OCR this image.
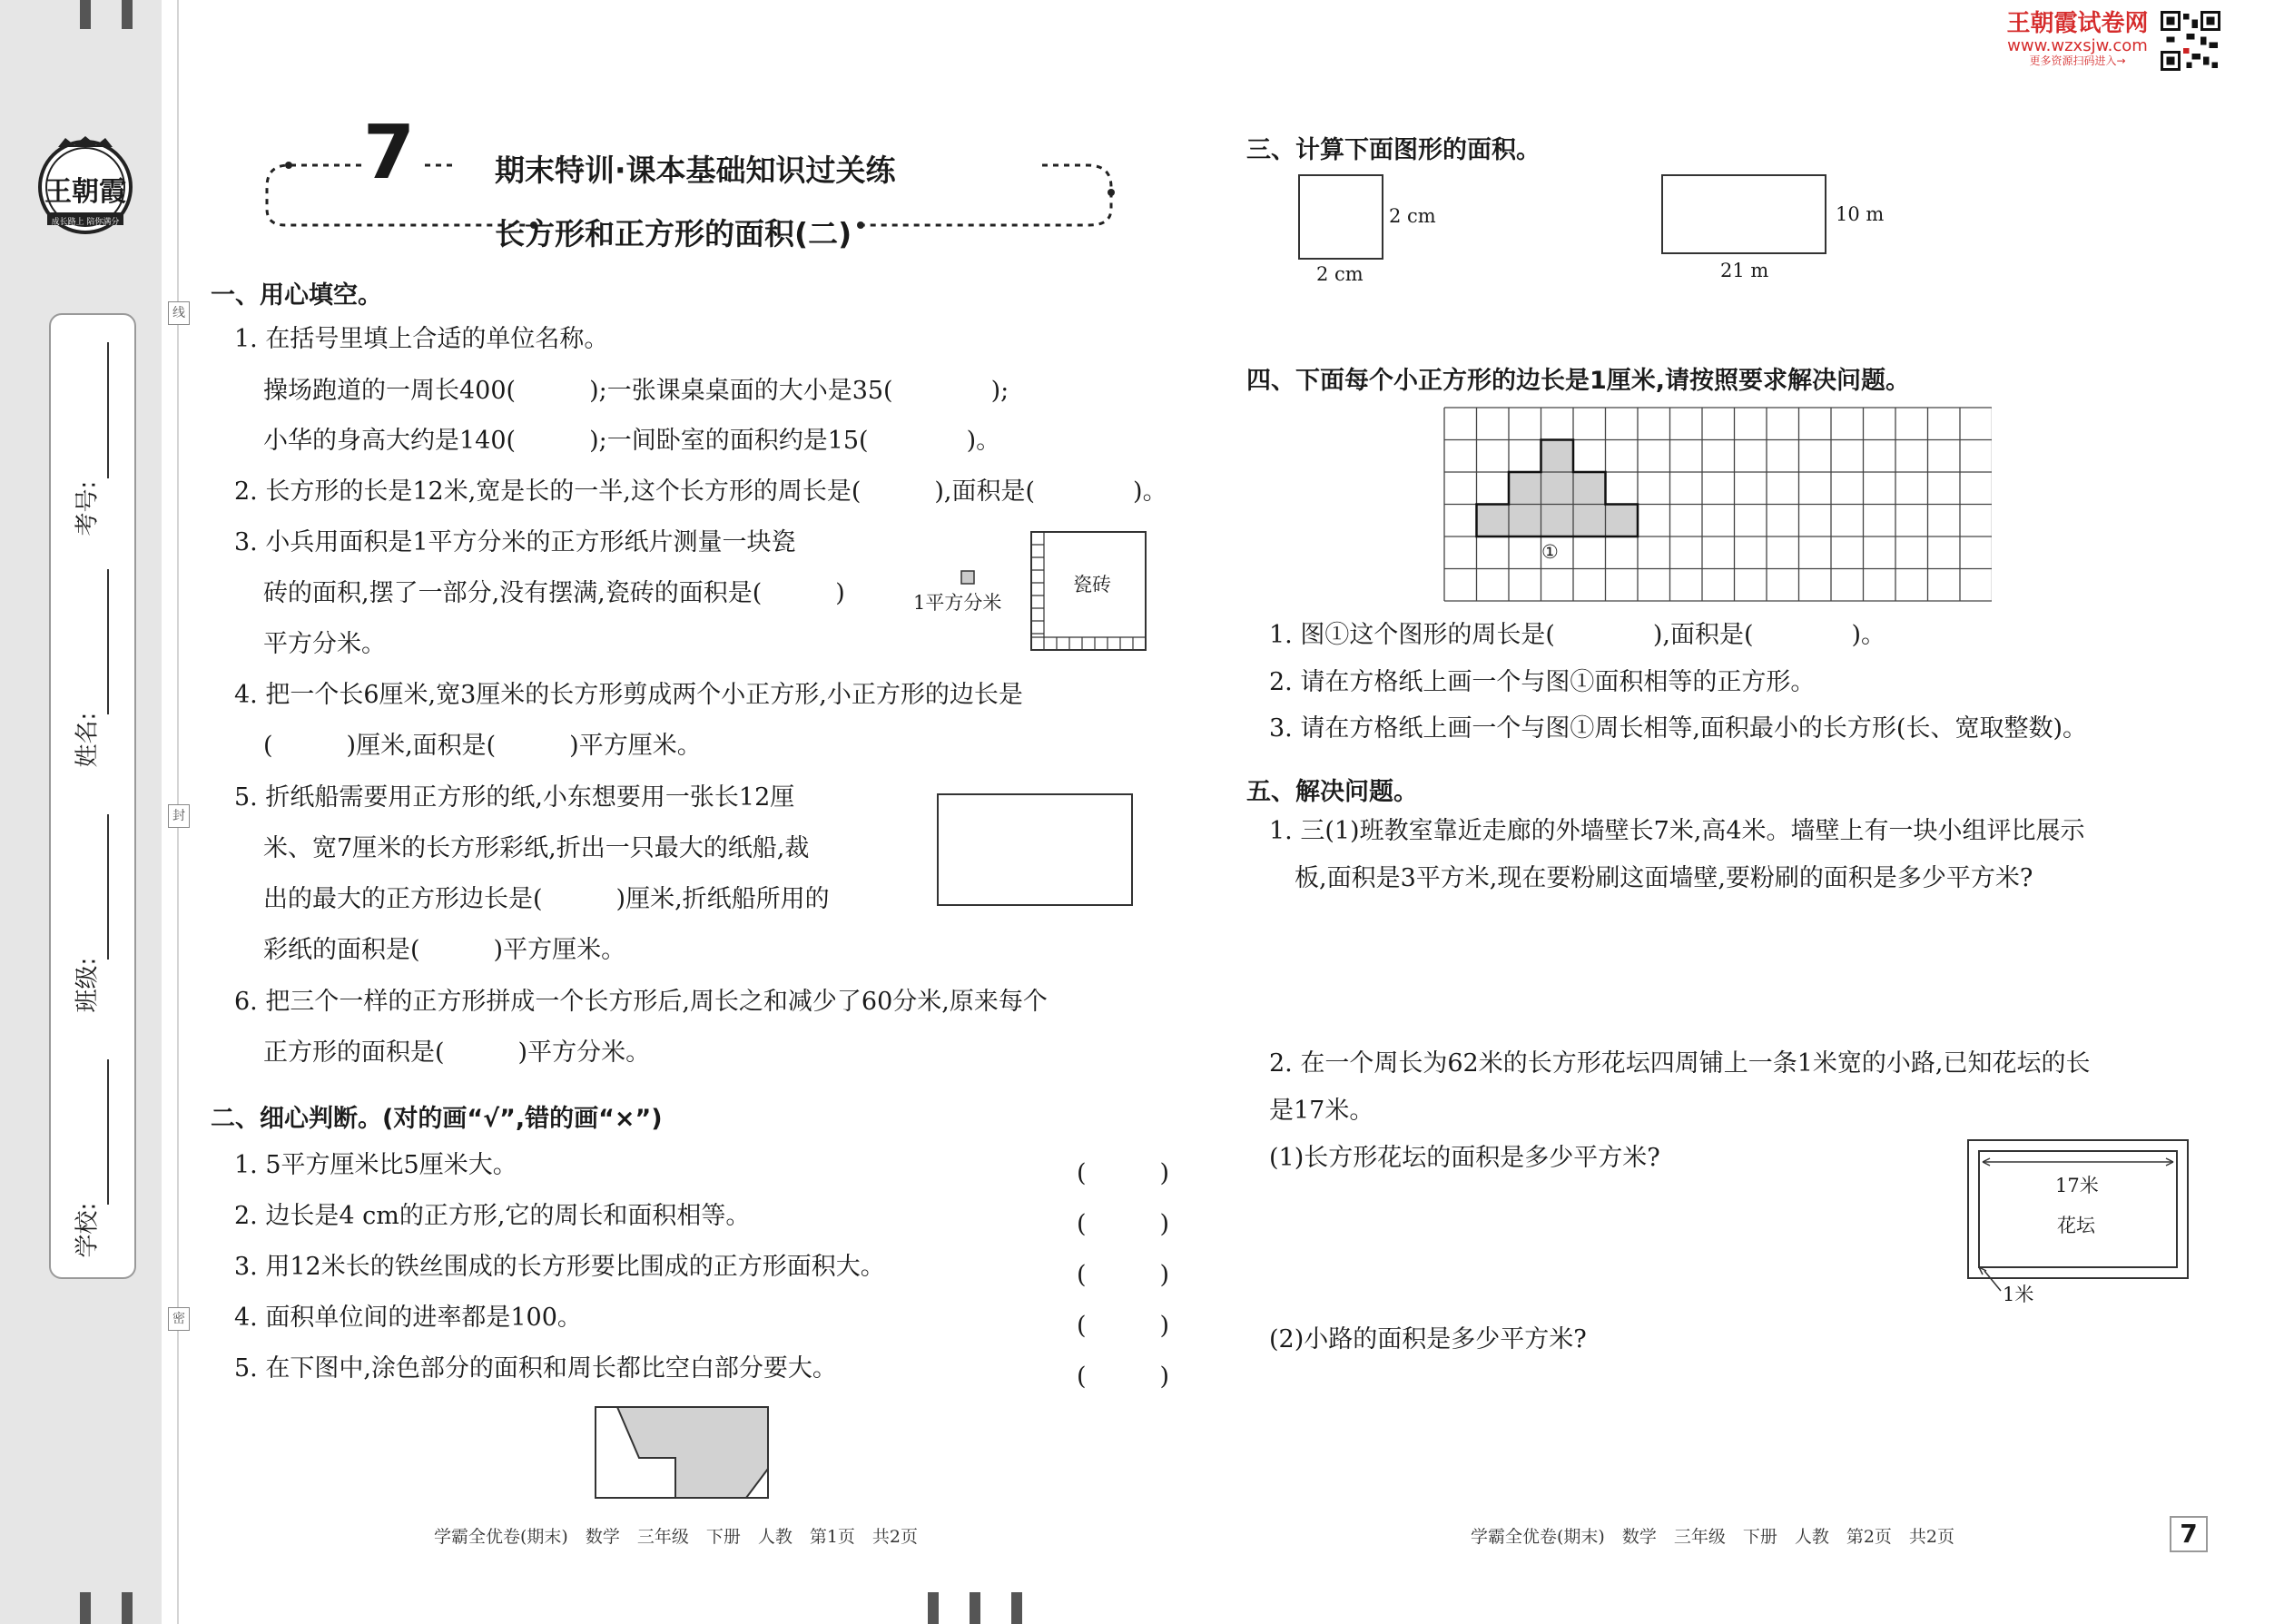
王朝霞
成长路上 陪你满分
考号:
姓名:
班级:
学校:
线
封
密
7	期末特训·课本基础知识过关练
长方形和正方形的面积(二)
王朝霞试卷网
www.wzxsjw.com
更多资源扫码进入→
一、用心填空。
1. 在括号里填上合适的单位名称。
操场跑道的一周长400(　　　);一张课桌桌面的大小是35(　　　　);
小华的身高大约是140(　　　);一间卧室的面积约是15(　　　　)。
2. 长方形的长是12米,宽是长的一半,这个长方形的周长是(　　　),面积是(　　　　)。
3. 小兵用面积是1平方分米的正方形纸片测量一块瓷
砖的面积,摆了一部分,没有摆满,瓷砖的面积是(　　　)
平方分米。
1平方分米
瓷砖
4. 把一个长6厘米,宽3厘米的长方形剪成两个小正方形,小正方形的边长是
(　　　)厘米,面积是(　　　)平方厘米。
5. 折纸船需要用正方形的纸,小东想要用一张长12厘
米、宽7厘米的长方形彩纸,折出一只最大的纸船,裁
出的最大的正方形边长是(　　　)厘米,折纸船所用的
彩纸的面积是(　　　)平方厘米。
6. 把三个一样的正方形拼成一个长方形后,周长之和减少了60分米,原来每个
正方形的面积是(　　　)平方分米。
二、细心判断。(对的画“√”,错的画“×”)
1. 5平方厘米比5厘米大。	(　　　)
2. 边长是4 cm的正方形,它的周长和面积相等。	(　　　)
3. 用12米长的铁丝围成的长方形要比围成的正方形面积大。	(　　　)
4. 面积单位间的进率都是100。	(　　　)
5. 在下图中,涂色部分的面积和周长都比空白部分要大。	(　　　)
学霸全优卷(期末)　数学　三年级　下册　人教　第1页　共2页
三、计算下面图形的面积。
2 cm
2 cm
10 m
21 m
四、下面每个小正方形的边长是1厘米,请按照要求解决问题。
①
1. 图①这个图形的周长是(　　　　),面积是(　　　　)。
2. 请在方格纸上画一个与图①面积相等的正方形。
3. 请在方格纸上画一个与图①周长相等,面积最小的长方形(长、宽取整数)。
五、解决问题。
1. 三(1)班教室靠近走廊的外墙壁长7米,高4米。墙壁上有一块小组评比展示
板,面积是3平方米,现在要粉刷这面墙壁,要粉刷的面积是多少平方米?
2. 在一个周长为62米的长方形花坛四周铺上一条1米宽的小路,已知花坛的长
是17米。
(1)长方形花坛的面积是多少平方米?
(2)小路的面积是多少平方米?
17米
花坛
1米
学霸全优卷(期末)　数学　三年级　下册　人教　第2页　共2页	7
